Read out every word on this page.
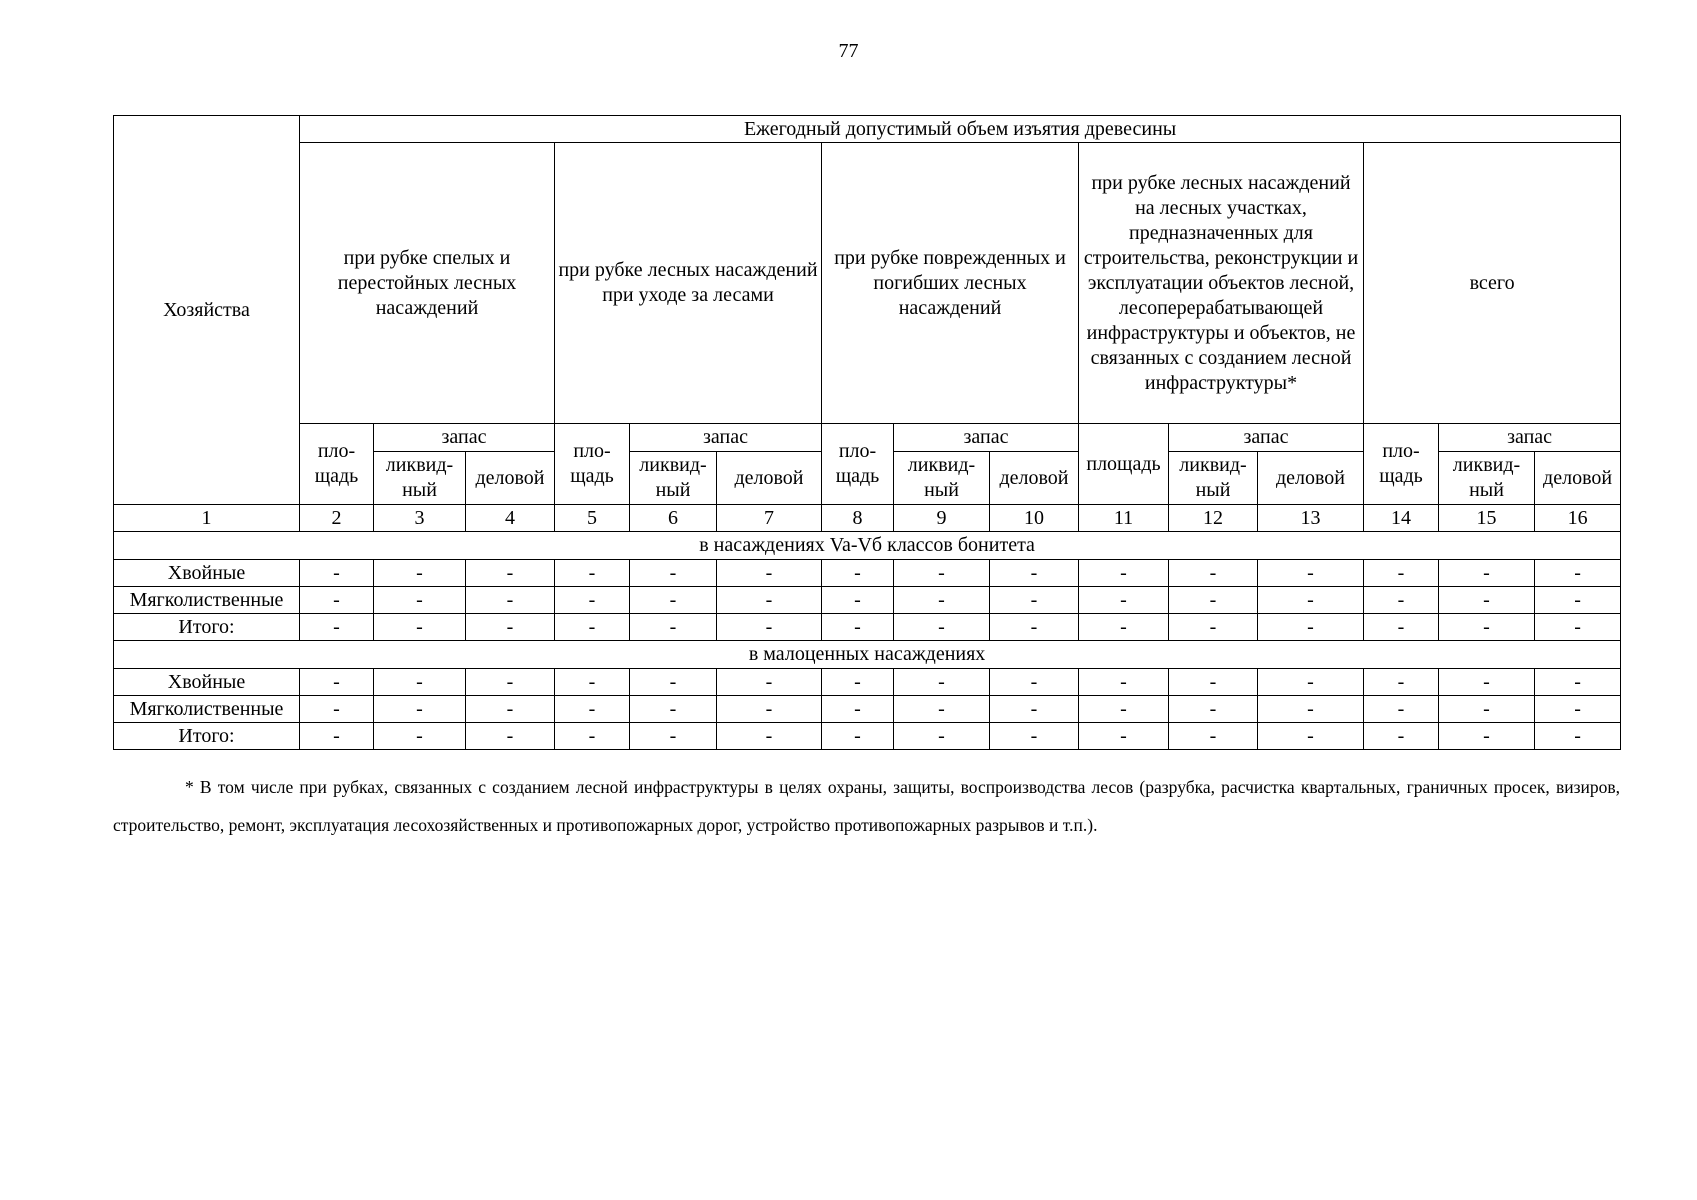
77
Хозяйства	Ежегодный допустимый объем изъятия древесины														
	при рубке спелых и перестойных лесных насаждений			при рубке лесных насаждений при уходе за лесами			при рубке поврежденных и погибших лесных насаждений			при рубке лесных насаждений на лесных участках, предназначенных для строительства, реконструкции и эксплуатации объектов лесной, лесоперерабатывающей инфраструктуры и объектов, не связанных с созданием лесной инфраструктуры*			всего		
	пло-щадь	запас		пло-щадь	запас		пло-щадь	запас		площадь	запас		пло-щадь	запас	
		ликвид-ный	деловой		ликвид-ный	деловой		ликвид-ный	деловой		ликвид-ный	деловой		ликвид-ный	деловой
1	2	3	4	5	6	7	8	9	10	11	12	13	14	15	16
в насаждениях Va-Vб классов бонитета															
Хвойные	-	-	-	-	-	-	-	-	-	-	-	-	-	-	-
Мягколиственные	-	-	-	-	-	-	-	-	-	-	-	-	-	-	-
Итого:	-	-	-	-	-	-	-	-	-	-	-	-	-	-	-
в малоценных насаждениях															
Хвойные	-	-	-	-	-	-	-	-	-	-	-	-	-	-	-
Мягколиственные	-	-	-	-	-	-	-	-	-	-	-	-	-	-	-
Итого:	-	-	-	-	-	-	-	-	-	-	-	-	-	-	-
* В том числе при рубках, связанных с созданием лесной инфраструктуры в целях охраны, защиты, воспроизводства лесов (разрубка, расчистка квартальных, граничных просек, визиров, строительство, ремонт, эксплуатация лесохозяйственных и противопожарных дорог, устройство противопожарных разрывов и т.п.).
